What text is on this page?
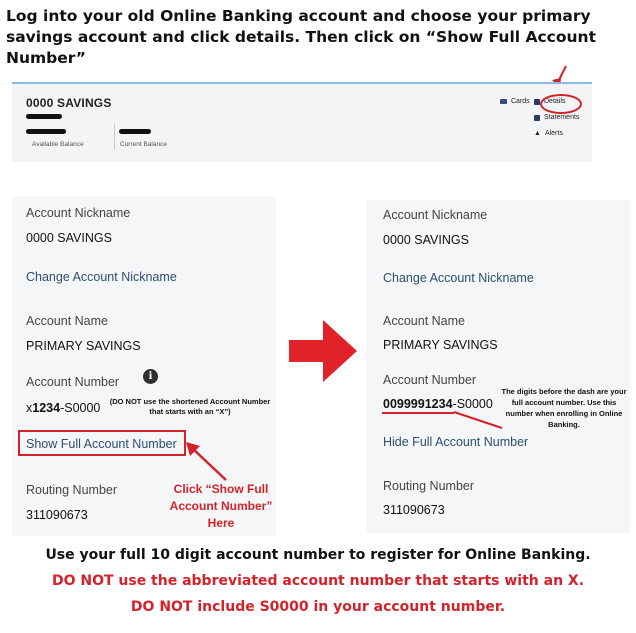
Log into your old Online Banking account and choose your primary savings account and click details. Then click on “Show Full Account Number”
0000 SAVINGS
Available Balance	Current Balance
Cards Details
Statements
▲ Alerts
Account Nickname
0000 SAVINGS
Change Account Nickname
Account Name
PRIMARY SAVINGS
Account Number	i
x1234-S0000	(DO NOT use the shortened Account Number that starts with an “X”)
Show Full Account Number
Click “Show Full Account Number” Here
Routing Number
311090673
Account Nickname
0000 SAVINGS
Change Account Nickname
Account Name
PRIMARY SAVINGS
Account Number
0099991234-S0000
The digits before the dash are your full account number. Use this number when enrolling in Online Banking.
Hide Full Account Number
Routing Number
311090673
Use your full 10 digit account number to register for Online Banking.
DO NOT use the abbreviated account number that starts with an X.
DO NOT include S0000 in your account number.
